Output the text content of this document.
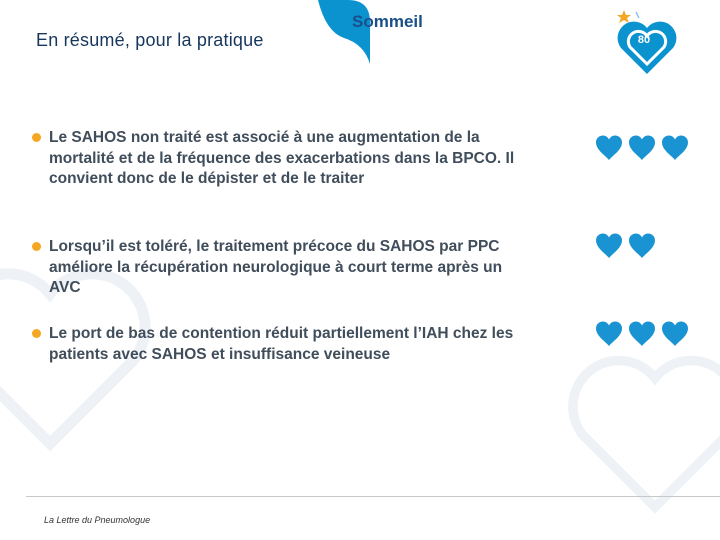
En résumé, pour la pratique
Sommeil
80
Le SAHOS non traité est associé à une augmentation de la mortalité et de la fréquence des exacerbations dans la BPCO. Il convient donc de le dépister et de le traiter
Lorsqu’il est toléré, le traitement précoce du SAHOS par PPC améliore la récupération neurologique à court terme après un AVC
Le port de bas de contention réduit partiellement l’IAH chez les patients avec SAHOS et insuffisance veineuse
La Lettre du Pneumologue
